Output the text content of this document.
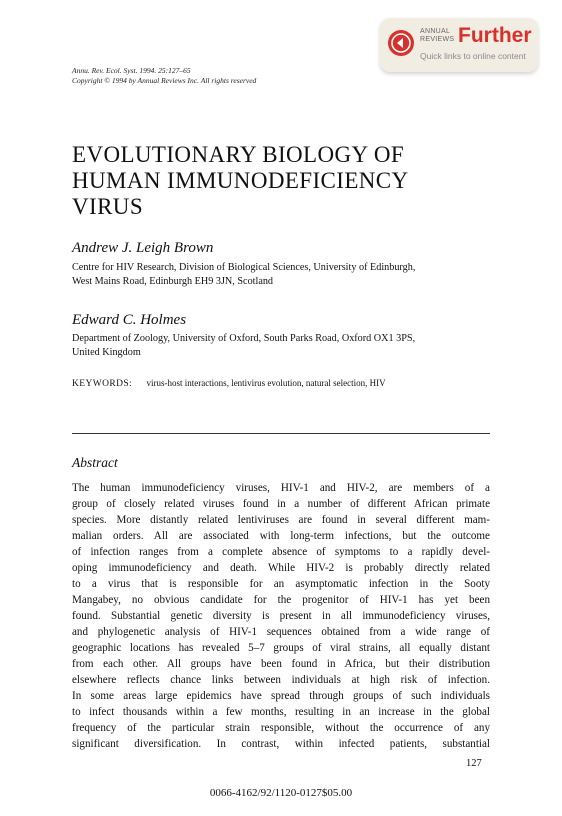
ANNUAL
REVIEWS Further
Quick links to online content
Annu. Rev. Ecol. Syst. 1994. 25:127–65
Copyright © 1994 by Annual Reviews Inc. All rights reserved
EVOLUTIONARY BIOLOGY OF
HUMAN IMMUNODEFICIENCY
VIRUS
Andrew J. Leigh Brown
Centre for HIV Research, Division of Biological Sciences, University of Edinburgh,
West Mains Road, Edinburgh EH9 3JN, Scotland
Edward C. Holmes
Department of Zoology, University of Oxford, South Parks Road, Oxford OX1 3PS,
United Kingdom
KEYWORDS: virus-host interactions, lentivirus evolution, natural selection, HIV
Abstract
The human immunodeficiency viruses, HIV-1 and HIV-2, are members of a
group of closely related viruses found in a number of different African primate
species. More distantly related lentiviruses are found in several different mam-
malian orders. All are associated with long-term infections, but the outcome
of infection ranges from a complete absence of symptoms to a rapidly devel-
oping immunodeficiency and death. While HIV-2 is probably directly related
to a virus that is responsible for an asymptomatic infection in the Sooty
Mangabey, no obvious candidate for the progenitor of HIV-1 has yet been
found. Substantial genetic diversity is present in all immunodeficiency viruses,
and phylogenetic analysis of HIV-1 sequences obtained from a wide range of
geographic locations has revealed 5–7 groups of viral strains, all equally distant
from each other. All groups have been found in Africa, but their distribution
elsewhere reflects chance links between individuals at high risk of infection.
In some areas large epidemics have spread through groups of such individuals
to infect thousands within a few months, resulting in an increase in the global
frequency of the particular strain responsible, without the occurrence of any
significant diversification. In contrast, within infected patients, substantial
127
0066-4162/92/1120-0127$05.00
